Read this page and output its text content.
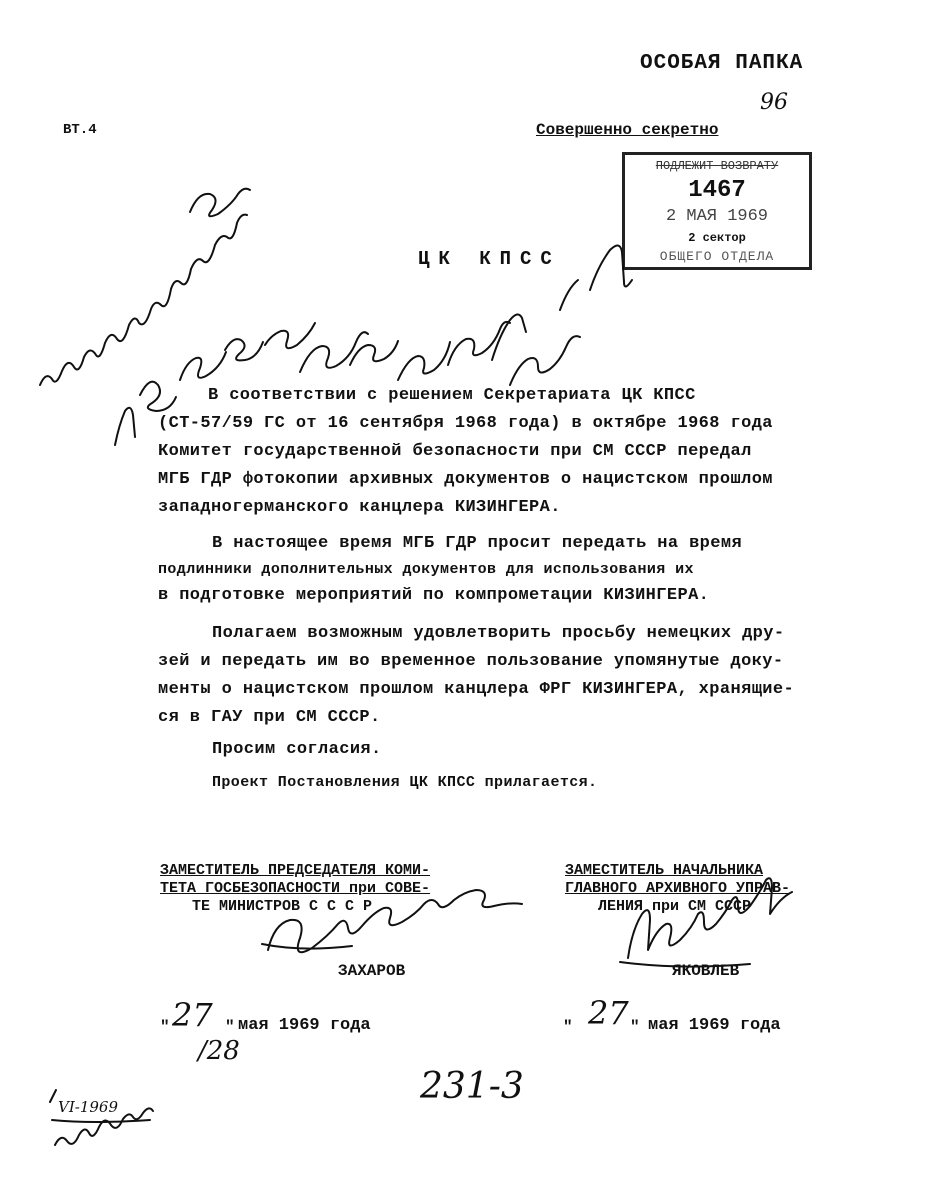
ОСОБАЯ ПАПКА
96
ВТ.4	Совершенно секретно
ПОДЛЕЖИТ ВОЗВРАТУ
1467
2 МАЯ 1969
2 сектор
ОБЩЕГО ОТДЕЛА
ЦК КПСС
В соответствии с решением Секретариата ЦК КПСС
(СТ-57/59 ГС от 16 сентября 1968 года) в октябре 1968 года
Комитет государственной безопасности при СМ СССР передал
МГБ ГДР фотокопии архивных документов о нацистском прошлом
западногерманского канцлера КИЗИНГЕРА.
В настоящее время МГБ ГДР просит передать на время
подлинники дополнительных документов для использования их
в подготовке мероприятий по компрометации КИЗИНГЕРА.
Полагаем возможным удовлетворить просьбу немецких дру-
зей и передать им во временное пользование упомянутые доку-
менты о нацистском прошлом канцлера ФРГ КИЗИНГЕРА, хранящие-
ся в ГАУ при СМ СССР.
Просим согласия.
Проект Постановления ЦК КПСС прилагается.
ЗАМЕСТИТЕЛЬ ПРЕДСЕДАТЕЛЯ КОМИ-
ТЕТА ГОСБЕЗОПАСНОСТИ при СОВЕ-
ТЕ МИНИСТРОВ С С С Р
ЗАХАРОВ
" 27 "
/28
мая 1969 года
ЗАМЕСТИТЕЛЬ НАЧАЛЬНИКА
ГЛАВНОГО АРХИВНОГО УПРАВ-
ЛЕНИЯ при СМ СССР
ЯКОВЛЕВ
" 27 " мая 1969 года
231-3
VI-1969
